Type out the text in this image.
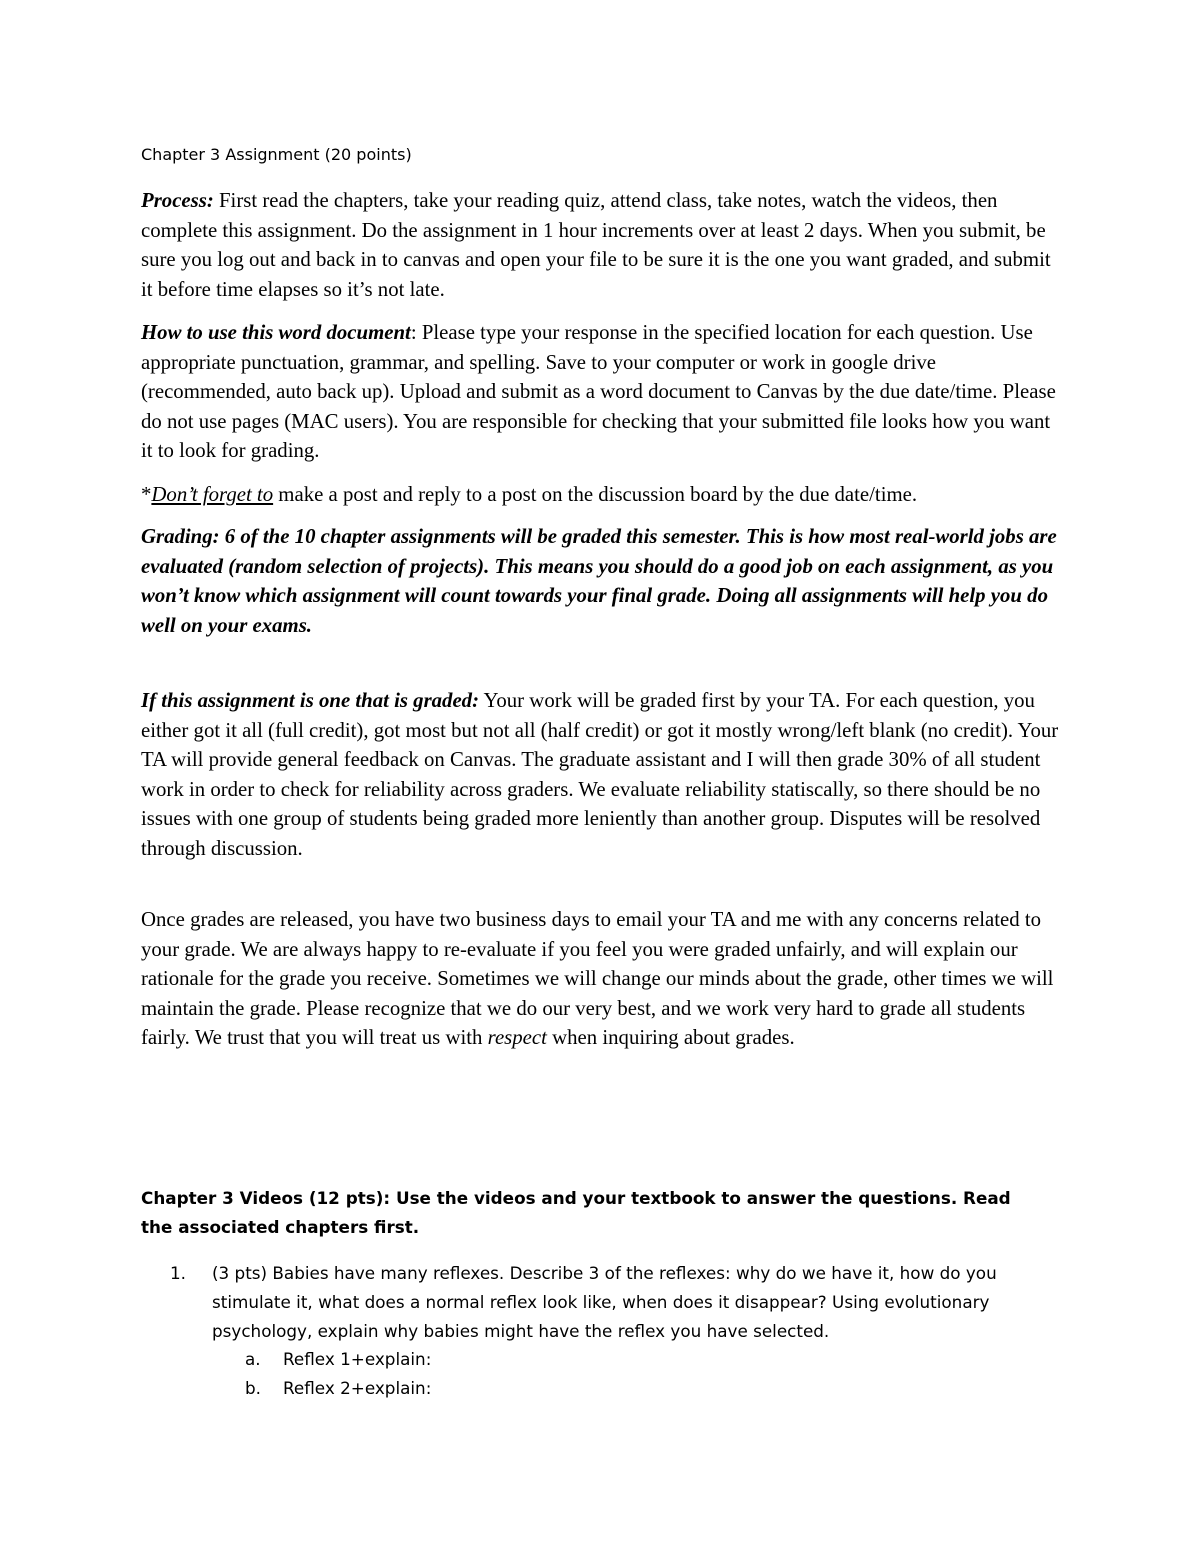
Chapter 3 Assignment (20 points)

Process: First read the chapters, take your reading quiz, attend class, take notes, watch the videos, then complete this assignment. Do the assignment in 1 hour increments over at least 2 days. When you submit, be sure you log out and back in to canvas and open your file to be sure it is the one you want graded, and submit it before time elapses so it’s not late.

How to use this word document: Please type your response in the specified location for each question. Use appropriate punctuation, grammar, and spelling. Save to your computer or work in google drive (recommended, auto back up). Upload and submit as a word document to Canvas by the due date/time. Please do not use pages (MAC users). You are responsible for checking that your submitted file looks how you want it to look for grading.

*Don’t forget to make a post and reply to a post on the discussion board by the due date/time.

Grading: 6 of the 10 chapter assignments will be graded this semester. This is how most real-world jobs are evaluated (random selection of projects). This means you should do a good job on each assignment, as you won’t know which assignment will count towards your final grade. Doing all assignments will help you do well on your exams.

If this assignment is one that is graded: Your work will be graded first by your TA. For each question, you either got it all (full credit), got most but not all (half credit) or got it mostly wrong/left blank (no credit). Your TA will provide general feedback on Canvas. The graduate assistant and I will then grade 30% of all student work in order to check for reliability across graders. We evaluate reliability statiscally, so there should be no issues with one group of students being graded more leniently than another group. Disputes will be resolved through discussion.

Once grades are released, you have two business days to email your TA and me with any concerns related to your grade. We are always happy to re-evaluate if you feel you were graded unfairly, and will explain our rationale for the grade you receive. Sometimes we will change our minds about the grade, other times we will maintain the grade. Please recognize that we do our very best, and we work very hard to grade all students fairly. We trust that you will treat us with respect when inquiring about grades.

Chapter 3 Videos (12 pts): Use the videos and your textbook to answer the questions. Read the associated chapters first.

1. (3 pts) Babies have many reflexes. Describe 3 of the reflexes: why do we have it, how do you stimulate it, what does a normal reflex look like, when does it disappear? Using evolutionary psychology, explain why babies might have the reflex you have selected.
a. Reflex 1+explain:
b. Reflex 2+explain:
